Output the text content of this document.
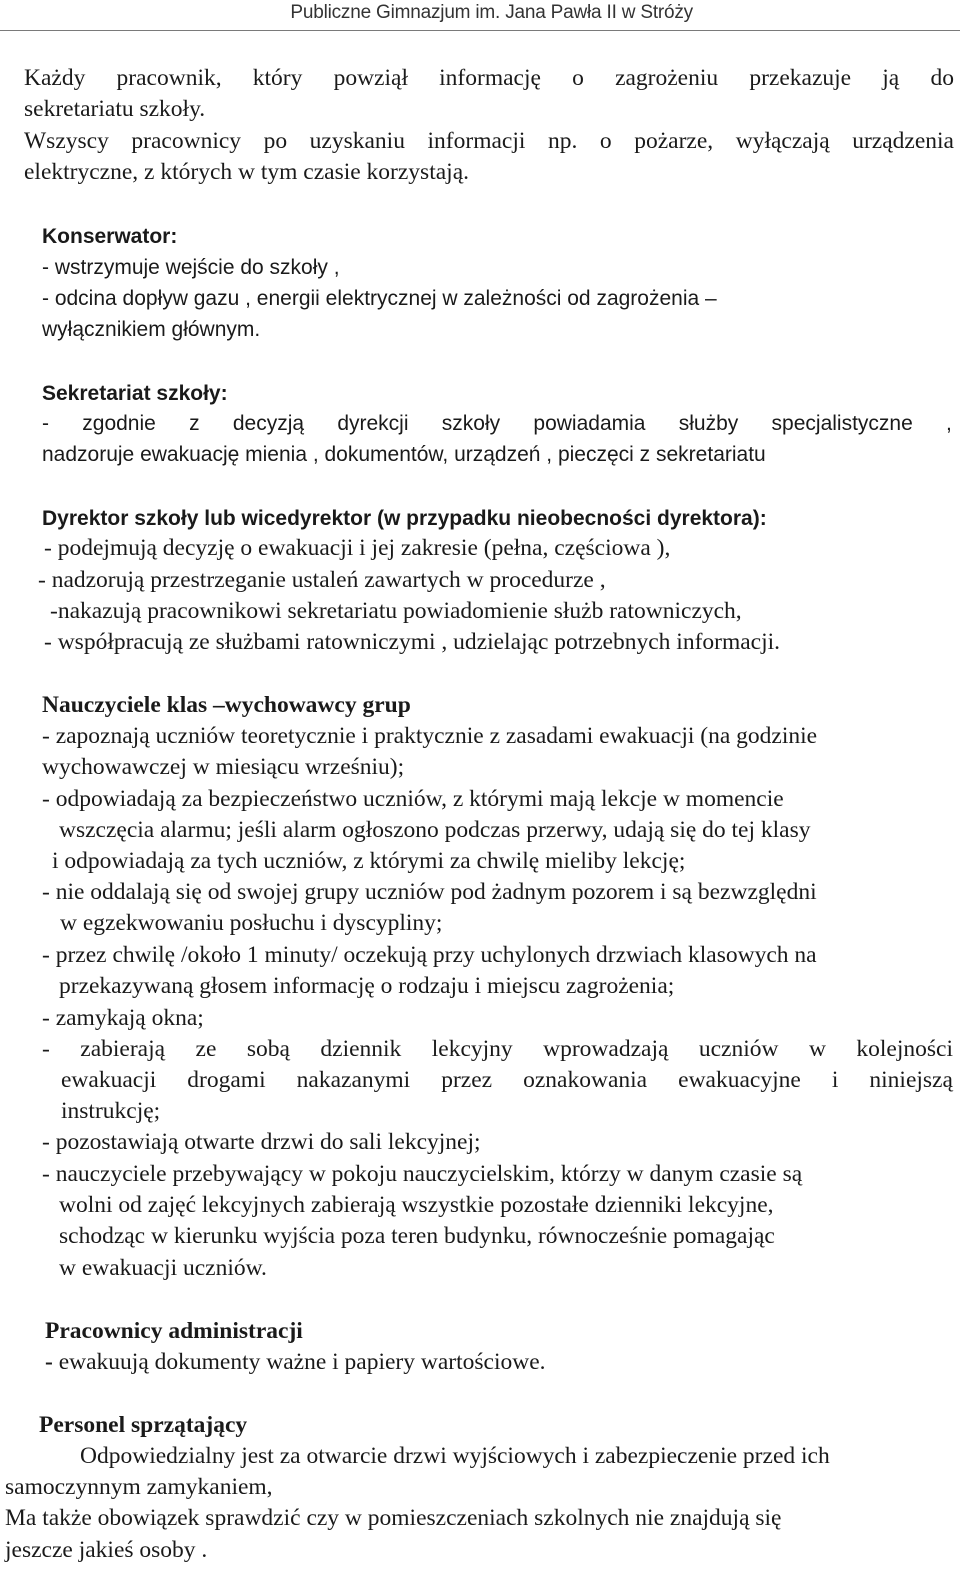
Publiczne Gimnazjum im. Jana Pawła II w Stróży
Każdy pracownik, który powziął informację o zagrożeniu przekazuje ją do
sekretariatu szkoły.
Wszyscy pracownicy po uzyskaniu informacji np. o pożarze, wyłączają urządzenia
elektryczne, z których w tym czasie korzystają.
Konserwator:
- wstrzymuje wejście do szkoły ,
- odcina dopływ gazu , energii elektrycznej w zależności od zagrożenia –
wyłącznikiem głównym.
Sekretariat szkoły:
- zgodnie z decyzją dyrekcji szkoły powiadamia służby specjalistyczne ,
nadzoruje ewakuację mienia , dokumentów, urządzeń , pieczęci z sekretariatu
Dyrektor szkoły lub wicedyrektor (w przypadku nieobecności dyrektora):
- podejmują decyzję o ewakuacji i jej zakresie (pełna, częściowa ),
- nadzorują przestrzeganie ustaleń zawartych w procedurze ,
-nakazują pracownikowi sekretariatu powiadomienie służb ratowniczych,
- współpracują ze służbami ratowniczymi , udzielając potrzebnych informacji.
Nauczyciele klas –wychowawcy grup
- zapoznają uczniów teoretycznie i praktycznie z zasadami ewakuacji (na godzinie
wychowawczej w miesiącu wrześniu);
- odpowiadają za bezpieczeństwo uczniów, z którymi mają lekcje w momencie
wszczęcia alarmu; jeśli alarm ogłoszono podczas przerwy, udają się do tej klasy
i odpowiadają za tych uczniów, z którymi za chwilę mieliby lekcję;
- nie oddalają się od swojej grupy uczniów pod żadnym pozorem i są bezwzględni
w egzekwowaniu posłuchu i dyscypliny;
- przez chwilę /około 1 minuty/ oczekują przy uchylonych drzwiach klasowych na
przekazywaną głosem informację o rodzaju i miejscu zagrożenia;
- zamykają okna;
- zabierają ze sobą dziennik lekcyjny wprowadzają uczniów w kolejności
ewakuacji drogami nakazanymi przez oznakowania ewakuacyjne i niniejszą
instrukcję;
- pozostawiają otwarte drzwi do sali lekcyjnej;
- nauczyciele przebywający w pokoju nauczycielskim, którzy w danym czasie są
wolni od zajęć lekcyjnych zabierają wszystkie pozostałe dzienniki lekcyjne,
schodząc w kierunku wyjścia poza teren budynku, równocześnie pomagając
w ewakuacji uczniów.
Pracownicy administracji
- ewakuują dokumenty ważne i papiery wartościowe.
Personel sprzątający
Odpowiedzialny jest za otwarcie drzwi wyjściowych i zabezpieczenie przed ich
samoczynnym zamykaniem,
Ma także obowiązek sprawdzić czy w pomieszczeniach szkolnych nie znajdują się
jeszcze jakieś osoby .
